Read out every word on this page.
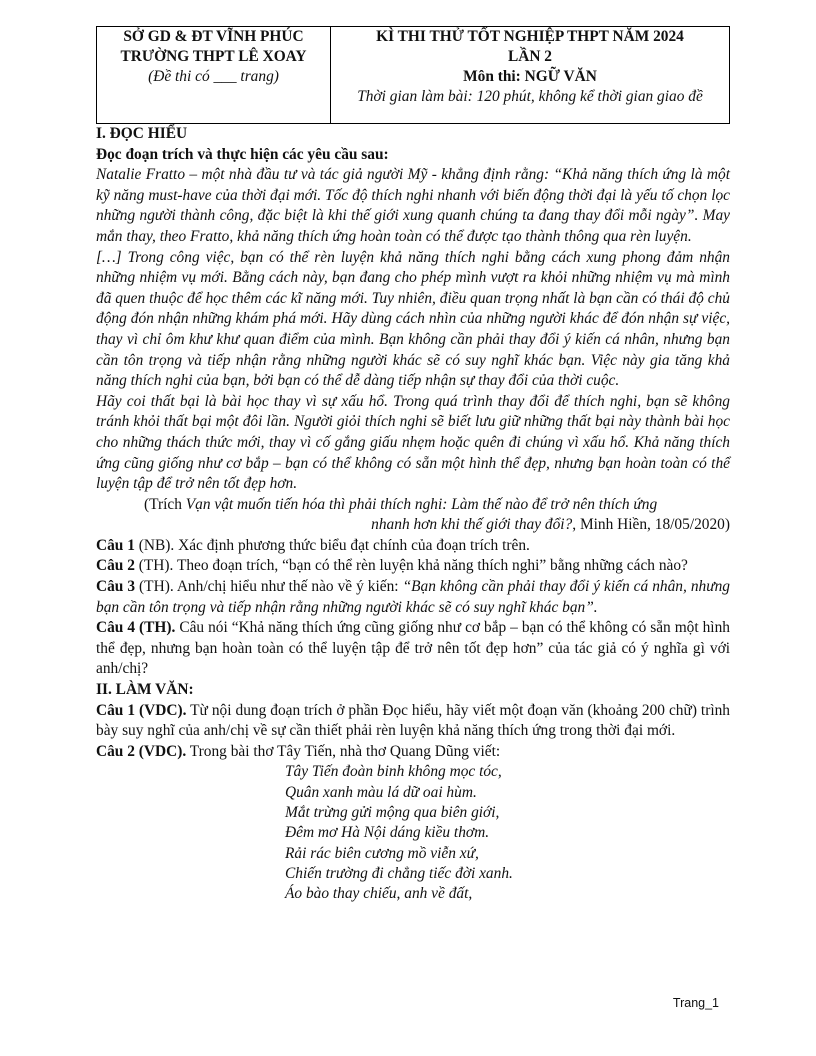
SỞ GD & ĐT VĨNH PHÚC
TRƯỜNG THPT LÊ XOAY
(Đề thi có ___ trang)
KÌ THI THỬ TỐT NGHIỆP THPT NĂM 2024
LẦN 2
Môn thi: NGỮ VĂN
Thời gian làm bài: 120 phút, không kể thời gian giao đề
I. ĐỌC HIỂU
Đọc đoạn trích và thực hiện các yêu cầu sau:

Natalie Fratto – một nhà đầu tư và tác giả người Mỹ - khẳng định rằng: “Khả năng thích ứng là một kỹ năng must-have của thời đại mới. Tốc độ thích nghi nhanh với biến động thời đại là yếu tố chọn lọc những người thành công, đặc biệt là khi thế giới xung quanh chúng ta đang thay đổi mỗi ngày”. May mắn thay, theo Fratto, khả năng thích ứng hoàn toàn có thể được tạo thành thông qua rèn luyện.

[…] Trong công việc, bạn có thể rèn luyện khả năng thích nghi bằng cách xung phong đảm nhận những nhiệm vụ mới. Bằng cách này, bạn đang cho phép mình vượt ra khỏi những nhiệm vụ mà mình đã quen thuộc để học thêm các kĩ năng mới. Tuy nhiên, điều quan trọng nhất là bạn cần có thái độ chủ động đón nhận những khám phá mới. Hãy dùng cách nhìn của những người khác để đón nhận sự việc, thay vì chỉ ôm khư khư quan điểm của mình. Bạn không cần phải thay đổi ý kiến cá nhân, nhưng bạn cần tôn trọng và tiếp nhận rằng những người khác sẽ có suy nghĩ khác bạn. Việc này gia tăng khả năng thích nghi của bạn, bởi bạn có thể dễ dàng tiếp nhận sự thay đổi của thời cuộc.

Hãy coi thất bại là bài học thay vì sự xấu hổ. Trong quá trình thay đổi để thích nghi, bạn sẽ không tránh khỏi thất bại một đôi lần. Người giỏi thích nghi sẽ biết lưu giữ những thất bại này thành bài học cho những thách thức mới, thay vì cố gắng giấu nhẹm hoặc quên đi chúng vì xấu hổ. Khả năng thích ứng cũng giống như cơ bắp – bạn có thể không có sẵn một hình thể đẹp, nhưng bạn hoàn toàn có thể luyện tập để trở nên tốt đẹp hơn.

(Trích Vạn vật muốn tiến hóa thì phải thích nghi: Làm thế nào để trở nên thích ứng
nhanh hơn khi thế giới thay đổi?, Minh Hiền, 18/05/2020)

Câu 1 (NB). Xác định phương thức biểu đạt chính của đoạn trích trên.

Câu 2 (TH). Theo đoạn trích, “bạn có thể rèn luyện khả năng thích nghi” bằng những cách nào?

Câu 3 (TH). Anh/chị hiểu như thế nào về ý kiến: “Bạn không cần phải thay đổi ý kiến cá nhân, nhưng bạn cần tôn trọng và tiếp nhận rằng những người khác sẽ có suy nghĩ khác bạn”.

Câu 4 (TH). Câu nói “Khả năng thích ứng cũng giống như cơ bắp – bạn có thể không có sẵn một hình thể đẹp, nhưng bạn hoàn toàn có thể luyện tập để trở nên tốt đẹp hơn” của tác giả có ý nghĩa gì với anh/chị?

II. LÀM VĂN:

Câu 1 (VDC). Từ nội dung đoạn trích ở phần Đọc hiểu, hãy viết một đoạn văn (khoảng 200 chữ) trình bày suy nghĩ của anh/chị về sự cần thiết phải rèn luyện khả năng thích ứng trong thời đại mới.

Câu 2 (VDC). Trong bài thơ Tây Tiến, nhà thơ Quang Dũng viết:

Tây Tiến đoàn binh không mọc tóc,
Quân xanh màu lá dữ oai hùm.
Mắt trừng gửi mộng qua biên giới,
Đêm mơ Hà Nội dáng kiều thơm.
Rải rác biên cương mồ viễn xứ,
Chiến trường đi chẳng tiếc đời xanh.
Áo bào thay chiếu, anh về đất,
Trang_1
